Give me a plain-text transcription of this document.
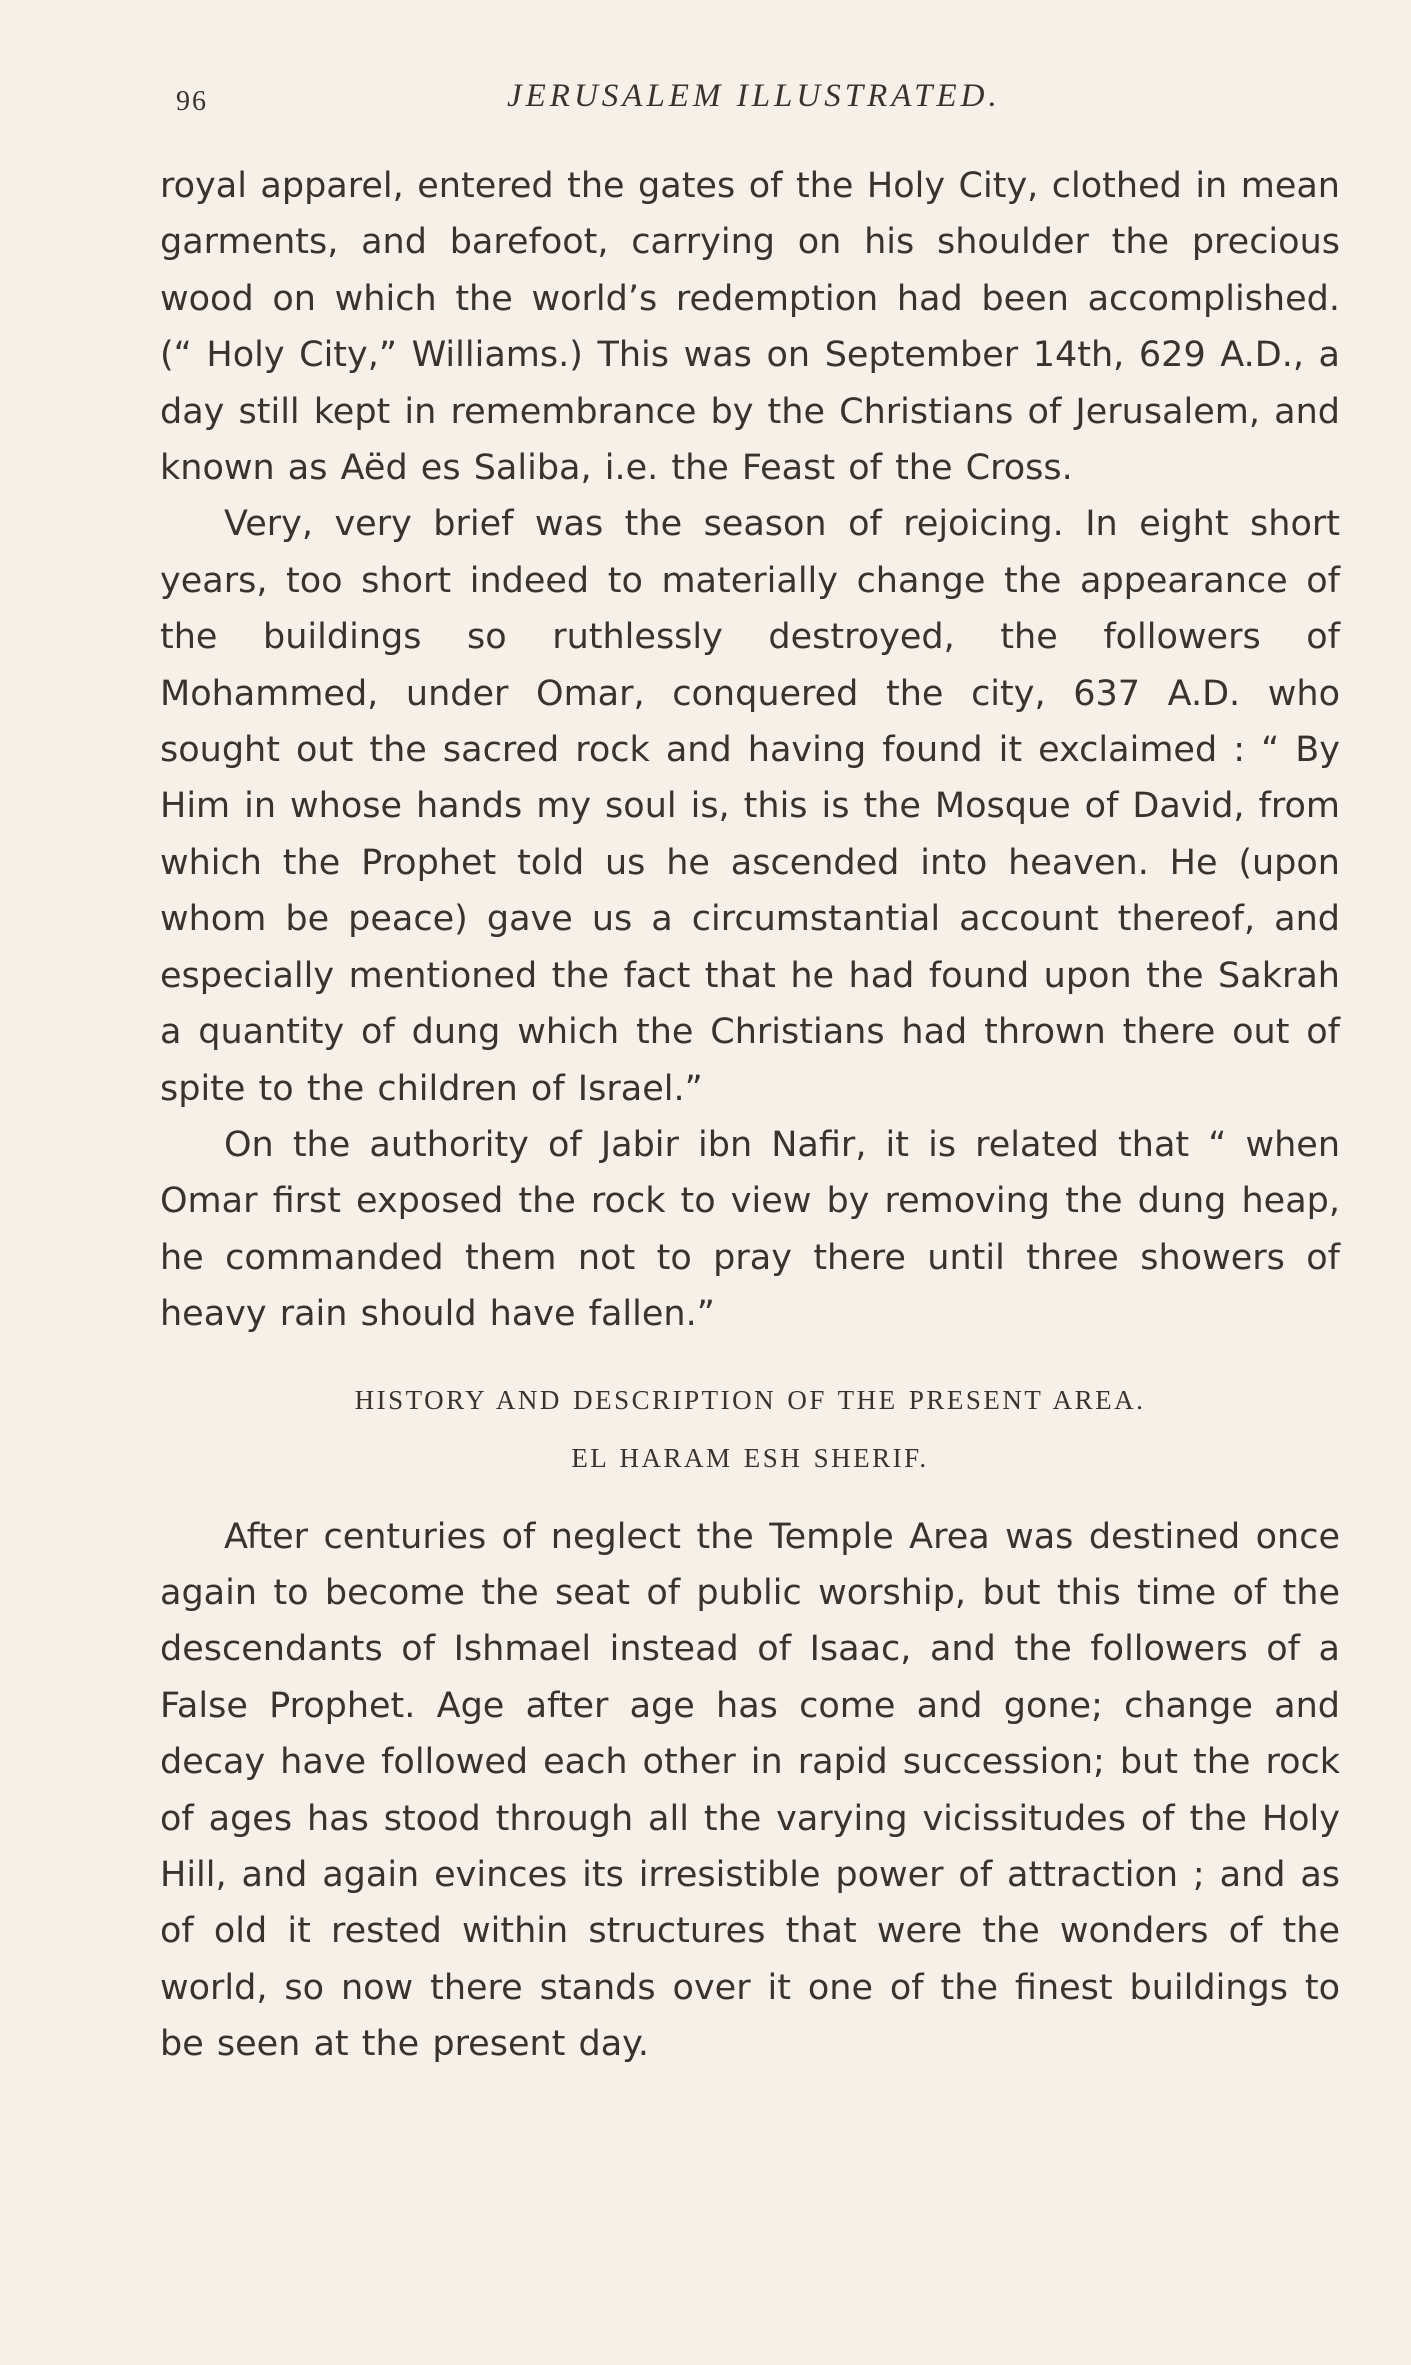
96	JERUSALEM ILLUSTRATED.

royal apparel, entered the gates of the Holy City, clothed in mean garments, and barefoot, carrying on his shoulder the precious wood on which the world’s redemption had been accomplished. (“ Holy City,” Williams.) This was on September 14th, 629 A.D., a day still kept in remembrance by the Christians of Jerusalem, and known as Aëd es Saliba, i.e. the Feast of the Cross.

Very, very brief was the season of rejoicing. In eight short years, too short indeed to materially change the appearance of the buildings so ruthlessly destroyed, the followers of Mohammed, under Omar, conquered the city, 637 A.D. who sought out the sacred rock and having found it exclaimed : “ By Him in whose hands my soul is, this is the Mosque of David, from which the Prophet told us he ascended into heaven. He (upon whom be peace) gave us a circumstantial account thereof, and especially mentioned the fact that he had found upon the Sakrah a quantity of dung which the Christians had thrown there out of spite to the children of Israel.”

On the authority of Jabir ibn Nafir, it is related that “ when Omar first exposed the rock to view by removing the dung heap, he commanded them not to pray there until three showers of heavy rain should have fallen.”

HISTORY AND DESCRIPTION OF THE PRESENT AREA.

EL HARAM ESH SHERIF.

After centuries of neglect the Temple Area was destined once again to become the seat of public worship, but this time of the descendants of Ishmael instead of Isaac, and the followers of a False Prophet. Age after age has come and gone; change and decay have followed each other in rapid succession; but the rock of ages has stood through all the varying vicissitudes of the Holy Hill, and again evinces its irresistible power of attraction ; and as of old it rested within structures that were the wonders of the world, so now there stands over it one of the finest buildings to be seen at the present day.
